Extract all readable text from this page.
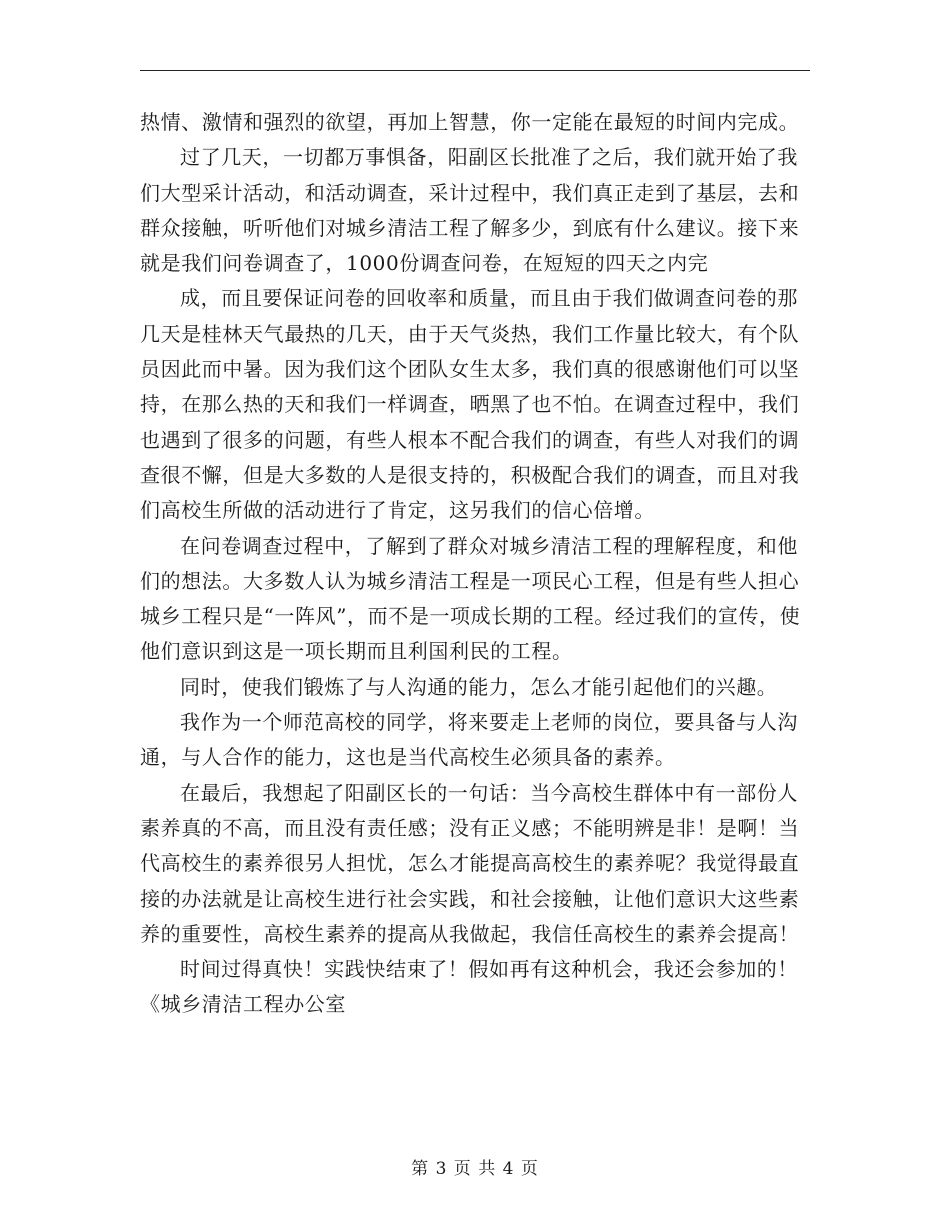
热情、激情和强烈的欲望，再加上智慧，你一定能在最短的时间内完成。

过了几天，一切都万事惧备，阳副区长批准了之后，我们就开始了我们大型采计活动，和活动调查，采计过程中，我们真正走到了基层，去和群众接触，听听他们对城乡清洁工程了解多少，到底有什么建议。接下来就是我们问卷调查了，1000份调查问卷，在短短的四天之内完

成，而且要保证问卷的回收率和质量，而且由于我们做调查问卷的那几天是桂林天气最热的几天，由于天气炎热，我们工作量比较大，有个队员因此而中暑。因为我们这个团队女生太多，我们真的很感谢他们可以坚持，在那么热的天和我们一样调查，晒黑了也不怕。在调查过程中，我们也遇到了很多的问题，有些人根本不配合我们的调查，有些人对我们的调查很不懈，但是大多数的人是很支持的，积极配合我们的调查，而且对我们高校生所做的活动进行了肯定，这另我们的信心倍增。

在问卷调查过程中，了解到了群众对城乡清洁工程的理解程度，和他们的想法。大多数人认为城乡清洁工程是一项民心工程，但是有些人担心城乡工程只是“一阵风”，而不是一项成长期的工程。经过我们的宣传，使他们意识到这是一项长期而且利国利民的工程。

同时，使我们锻炼了与人沟通的能力，怎么才能引起他们的兴趣。

我作为一个师范高校的同学，将来要走上老师的岗位，要具备与人沟通，与人合作的能力，这也是当代高校生必须具备的素养。

在最后，我想起了阳副区长的一句话：当今高校生群体中有一部份人素养真的不高，而且没有责任感；没有正义感；不能明辨是非！是啊！当代高校生的素养很另人担忧，怎么才能提高高校生的素养呢？我觉得最直接的办法就是让高校生进行社会实践，和社会接触，让他们意识大这些素养的重要性，高校生素养的提高从我做起，我信任高校生的素养会提高！

时间过得真快！实践快结束了！假如再有这种机会，我还会参加的！

《城乡清洁工程办公室

第 3 页 共 4 页
